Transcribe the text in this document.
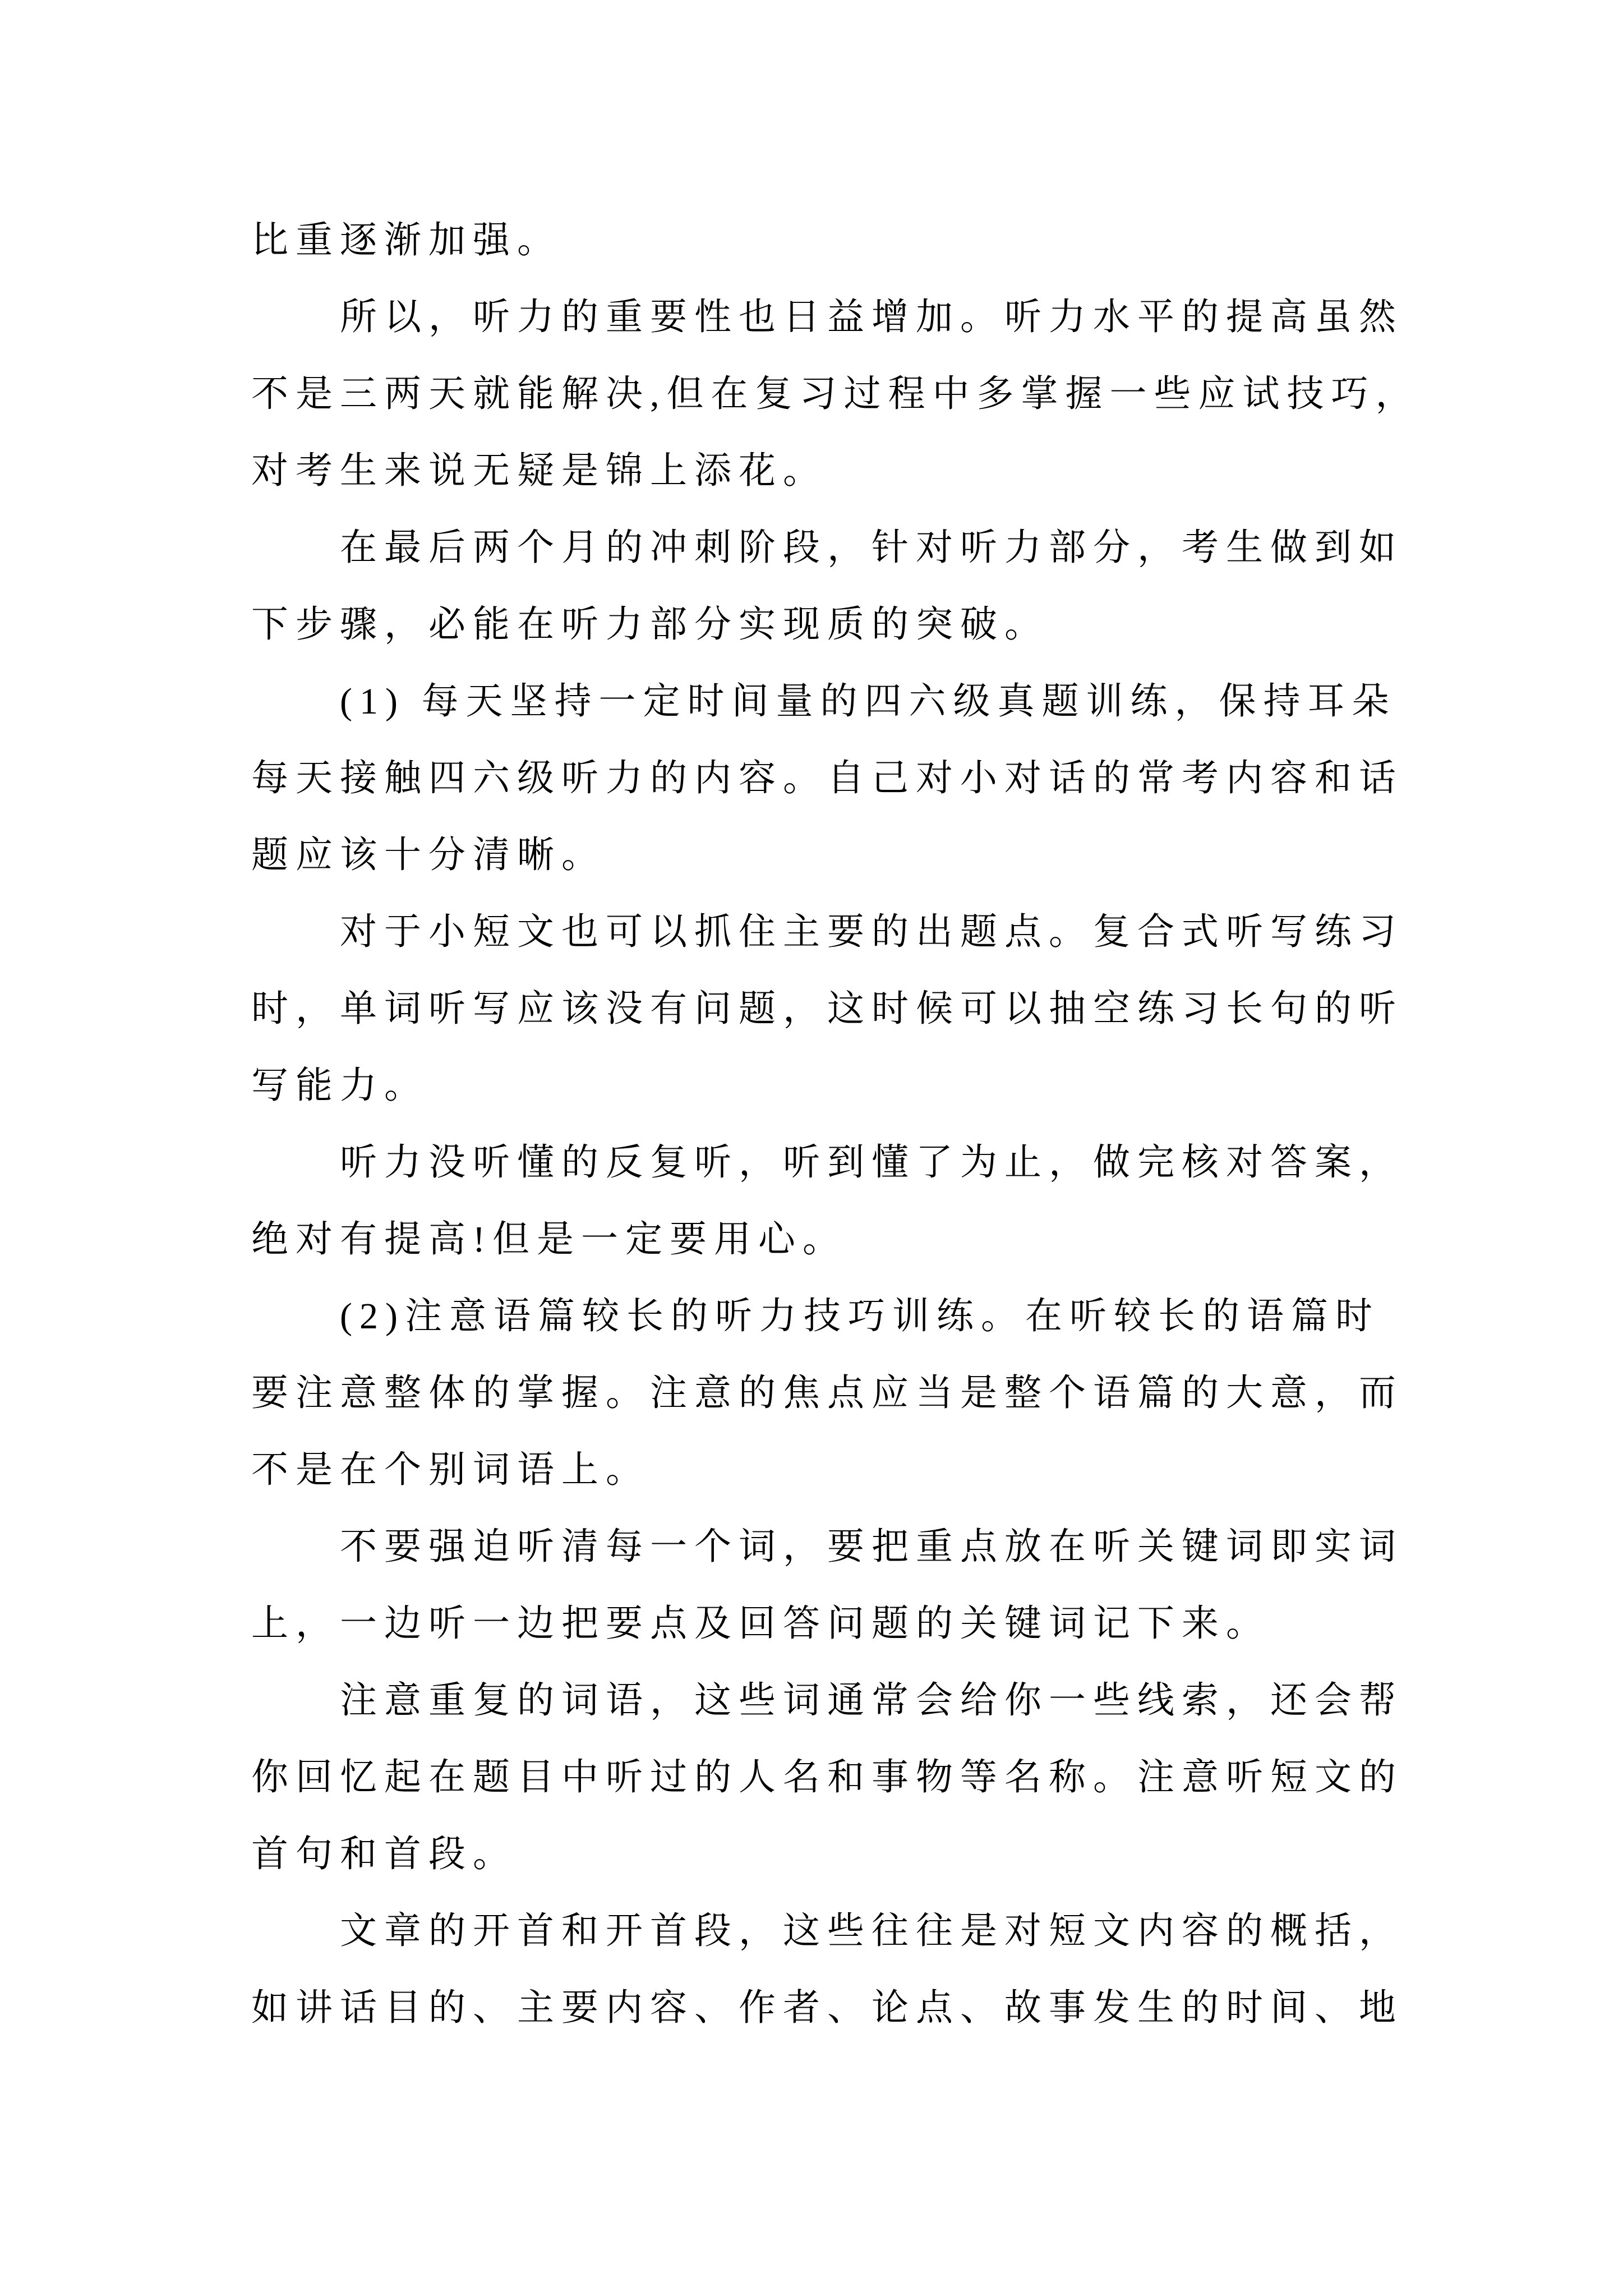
比重逐渐加强。

所以，听力的重要性也日益增加。听力水平的提高虽然

不是三两天就能解决,但在复习过程中多掌握一些应试技巧，

对考生来说无疑是锦上添花。

在最后两个月的冲刺阶段，针对听力部分，考生做到如

下步骤，必能在听力部分实现质的突破。

(1) 每天坚持一定时间量的四六级真题训练，保持耳朵

每天接触四六级听力的内容。自己对小对话的常考内容和话

题应该十分清晰。

对于小短文也可以抓住主要的出题点。复合式听写练习

时，单词听写应该没有问题，这时候可以抽空练习长句的听

写能力。

听力没听懂的反复听，听到懂了为止，做完核对答案，

绝对有提高!但是一定要用心。

(2)注意语篇较长的听力技巧训练。在听较长的语篇时

要注意整体的掌握。注意的焦点应当是整个语篇的大意，而

不是在个别词语上。

不要强迫听清每一个词，要把重点放在听关键词即实词

上，一边听一边把要点及回答问题的关键词记下来。

注意重复的词语，这些词通常会给你一些线索，还会帮

你回忆起在题目中听过的人名和事物等名称。注意听短文的

首句和首段。

文章的开首和开首段，这些往往是对短文内容的概括，

如讲话目的、主要内容、作者、论点、故事发生的时间、地
